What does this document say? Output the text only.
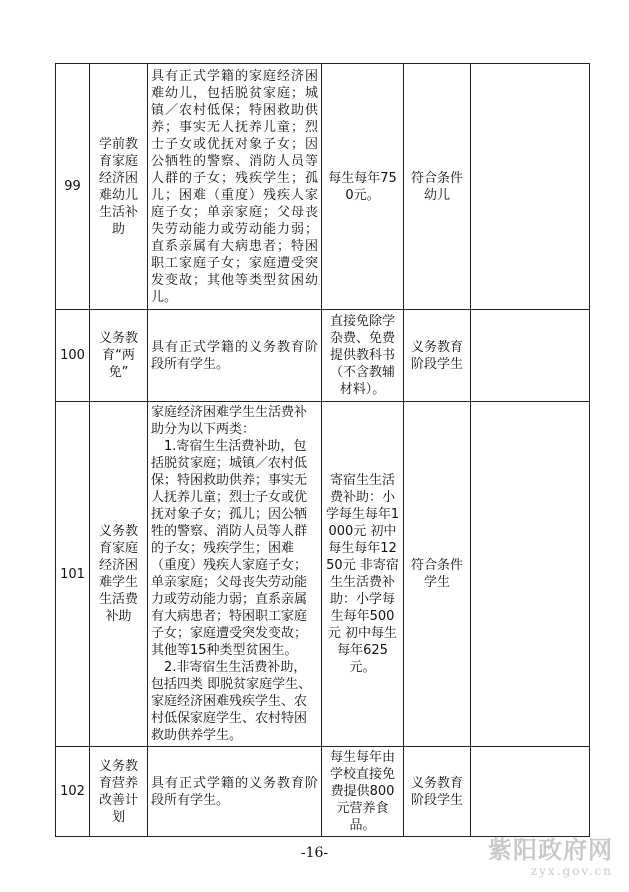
99	学前教育家庭经济困难幼儿生活补助	具有正式学籍的家庭经济困难幼儿，包括脱贫家庭；城镇／农村低保；特困救助供养；事实无人抚养儿童；烈士子女或优抚对象子女；因公牺牲的警察、消防人员等人群的子女；残疾学生；孤儿；困难（重度）残疾人家庭子女；单亲家庭；父母丧失劳动能力或劳动能力弱；直系亲属有大病患者；特困职工家庭子女；家庭遭受突发变故；其他等类型贫困幼儿。	每生每年750元。	符合条件幼儿	
100	义务教育“两免”	具有正式学籍的义务教育阶段所有学生。	直接免除学杂费、免费提供教科书（不含教辅材料）。	义务教育阶段学生	
101	义务教育家庭经济困难学生生活费补助	家庭经济困难学生生活费补助分为以下两类：
　1.寄宿生生活费补助，包括脱贫家庭；城镇／农村低保；特困救助供养；事实无人抚养儿童；烈士子女或优抚对象子女；孤儿；因公牺牲的警察、消防人员等人群的子女；残疾学生；困难（重度）残疾人家庭子女；单亲家庭；父母丧失劳动能力或劳动能力弱；直系亲属有大病患者；特困职工家庭子女；家庭遭受突发变故；其他等15种类型贫困生。
　2.非寄宿生生活费补助，包括四类 即脱贫家庭学生、家庭经济困难残疾学生、农村低保家庭学生、农村特困救助供养学生。	寄宿生生活费补助：小学每生每年1000元 初中每生每年1250元 非寄宿生生活费补助：小学每生每年500元 初中每生每年625元。	符合条件学生	
102	义务教育营养改善计划	具有正式学籍的义务教育阶段所有学生。	每生每年由学校直接免费提供800元营养食品。	义务教育阶段学生	
-16-	紫阳政府网
zyx.gov.cn
